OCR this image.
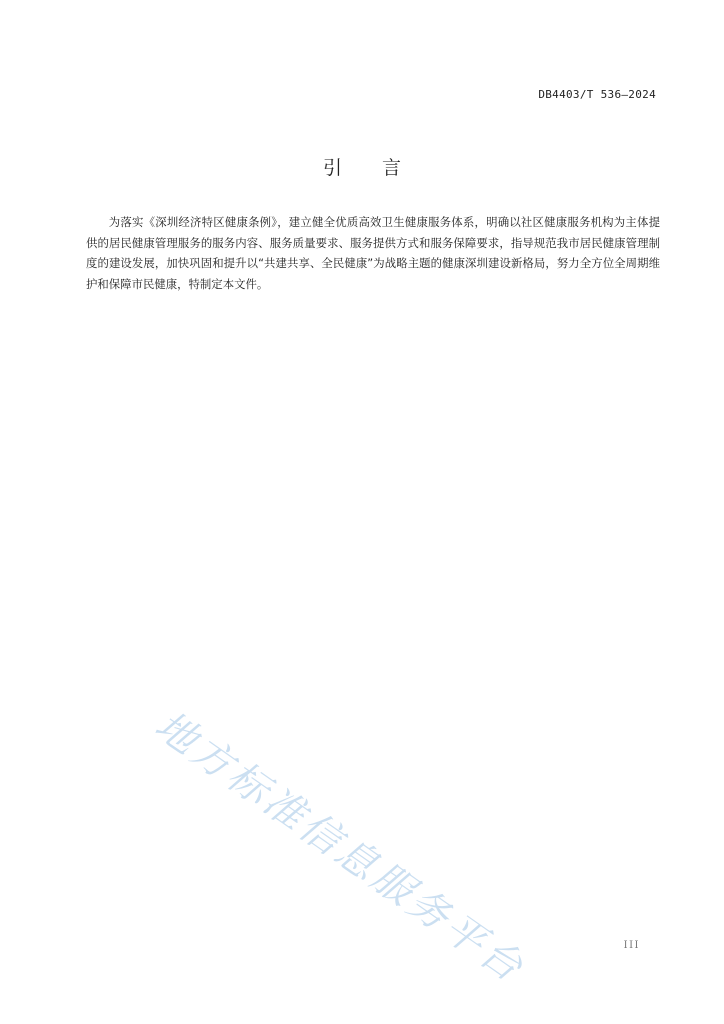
DB4403/T 536—2024
引 言

为落实《深圳经济特区健康条例》，建立健全优质高效卫生健康服务体系，明确以社区健康服务机构为主体提供的居民健康管理服务的服务内容、服务质量要求、服务提供方式和服务保障要求，指导规范我市居民健康管理制度的建设发展，加快巩固和提升以“共建共享、全民健康”为战略主题的健康深圳建设新格局，努力全方位全周期维护和保障市民健康，特制定本文件。

地方标准信息服务平台	III
